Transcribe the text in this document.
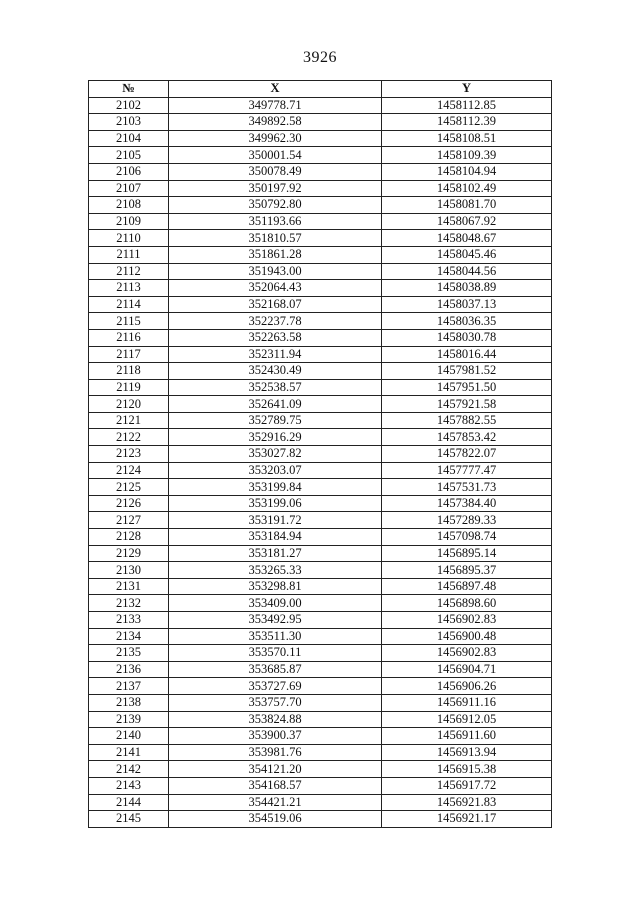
3926
№	X	Y
2102	349778.71	1458112.85
2103	349892.58	1458112.39
2104	349962.30	1458108.51
2105	350001.54	1458109.39
2106	350078.49	1458104.94
2107	350197.92	1458102.49
2108	350792.80	1458081.70
2109	351193.66	1458067.92
2110	351810.57	1458048.67
2111	351861.28	1458045.46
2112	351943.00	1458044.56
2113	352064.43	1458038.89
2114	352168.07	1458037.13
2115	352237.78	1458036.35
2116	352263.58	1458030.78
2117	352311.94	1458016.44
2118	352430.49	1457981.52
2119	352538.57	1457951.50
2120	352641.09	1457921.58
2121	352789.75	1457882.55
2122	352916.29	1457853.42
2123	353027.82	1457822.07
2124	353203.07	1457777.47
2125	353199.84	1457531.73
2126	353199.06	1457384.40
2127	353191.72	1457289.33
2128	353184.94	1457098.74
2129	353181.27	1456895.14
2130	353265.33	1456895.37
2131	353298.81	1456897.48
2132	353409.00	1456898.60
2133	353492.95	1456902.83
2134	353511.30	1456900.48
2135	353570.11	1456902.83
2136	353685.87	1456904.71
2137	353727.69	1456906.26
2138	353757.70	1456911.16
2139	353824.88	1456912.05
2140	353900.37	1456911.60
2141	353981.76	1456913.94
2142	354121.20	1456915.38
2143	354168.57	1456917.72
2144	354421.21	1456921.83
2145	354519.06	1456921.17
